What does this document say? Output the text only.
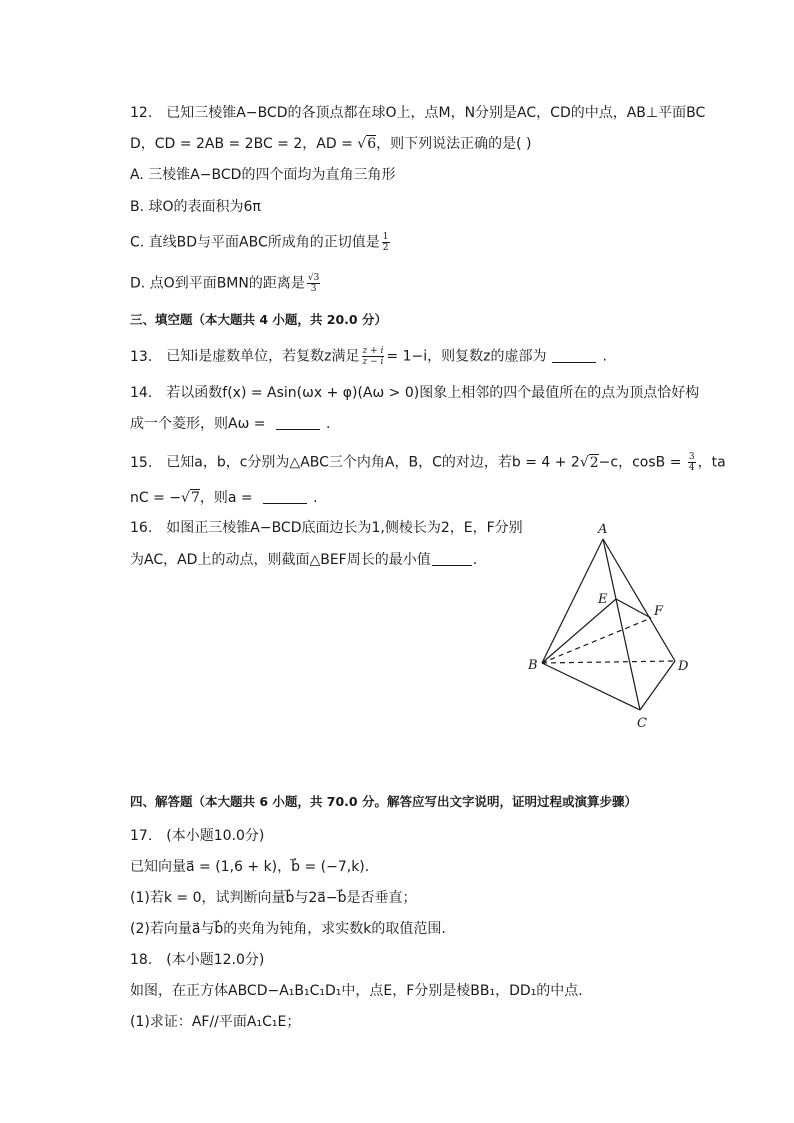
12. 已知三棱锥A−BCD的各顶点都在球O上，点M，N分别是AC，CD的中点，AB⊥平面BC
D，CD = 2AB = 2BC = 2，AD = √6，则下列说法正确的是( )
A. 三棱锥A−BCD的四个面均为直角三角形
B. 球O的表面积为6π
C. 直线BD与平面ABC所成角的正切值是 $\frac{1}{2}$
D. 点O到平面BMN的距离是 $\frac{√3}{3}$
三、填空题（本大题共 4 小题，共 20.0 分）
13. 已知i是虚数单位，若复数z满足 $\frac{z + i}{z - i} = 1-i$，则复数z的虚部为	.
14. 若以函数f(x) = Asin(ωx + φ)(Aω > 0)图象上相邻的四个最值所在的点为顶点恰好构
成一个菱形，则Aω =	.
15. 已知a，b，c分别为△ABC三个内角A，B，C的对边，若b = 4 + 2√2−c，$\cos B = \frac{3}{4}$ ，ta
nC = −√7，则a =	.
16. 如图正三棱锥A−BCD底面边长为1,侧棱长为2，E，F分别
为AC，AD上的动点，则截面△BEF周长的最小值	.
A
E
F
B	D
C
四、解答题（本大题共 6 小题，共 70.0 分。解答应写出文字说明，证明过程或演算步骤）
17. (本小题10.0分)
已知向量a⃗ = (1,6 + k)，b⃗ = (−7,k).
(1)若k = 0，试判断向量b⃗与2a⃗−b⃗是否垂直；
(2)若向量a⃗与b⃗的夹角为钝角，求实数k的取值范围.
18. (本小题12.0分)
如图，在正方体ABCD−A₁B₁C₁D₁中，点E，F分别是棱BB₁，DD₁的中点.
(1)求证：AF//平面A₁C₁E；
